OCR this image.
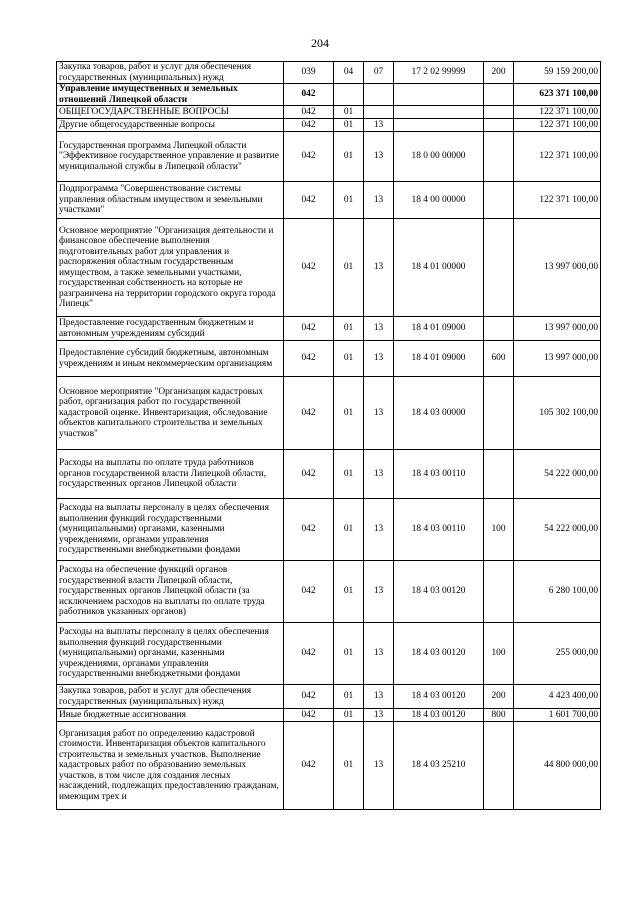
204
Закупка товаров, работ и услуг для обеспечения государственных (муниципальных) нужд	039	04	07	17 2 02 99999	200	59 159 200,00
Управление имущественных и земельных отношений Липецкой области	042					623 371 100,00
ОБЩЕГОСУДАРСТВЕННЫЕ ВОПРОСЫ	042	01				122 371 100,00
Другие общегосударственные вопросы	042	01	13			122 371 100,00
Государственная программа Липецкой области "Эффективное государственное управление и развитие муниципальной службы в Липецкой области"	042	01	13	18 0 00 00000		122 371 100,00
Подпрограмма "Совершенствование системы управления областным имуществом и земельными участками"	042	01	13	18 4 00 00000		122 371 100,00
Основное мероприятие "Организация деятельности и финансовое обеспечение выполнения подготовительных работ для управления и распоряжения областным государственным имуществом, а также земельными участками, государственная собственность на которые не разграничена на территории городского округа города Липецк"	042	01	13	18 4 01 00000		13 997 000,00
Предоставление государственным бюджетным и автономным учреждениям субсидий	042	01	13	18 4 01 09000		13 997 000,00
Предоставление субсидий бюджетным, автономным учреждениям и иным некоммерческим организациям	042	01	13	18 4 01 09000	600	13 997 000,00
Основное мероприятие "Организация кадастровых работ, организация работ по государственной кадастровой оценке. Инвентаризация, обследование объектов капитального строительства и земельных участков"	042	01	13	18 4 03 00000		105 302 100,00
Расходы на выплаты по оплате труда работников органов государственной власти Липецкой области, государственных органов Липецкой области	042	01	13	18 4 03 00110		54 222 000,00
Расходы на выплаты персоналу в целях обеспечения выполнения функций государственными (муниципальными) органами, казенными учреждениями, органами управления государственными внебюджетными фондами	042	01	13	18 4 03 00110	100	54 222 000,00
Расходы на обеспечение функций органов государственной власти Липецкой области, государственных органов Липецкой области (за исключением расходов на выплаты по оплате труда работников указанных органов)	042	01	13	18 4 03 00120		6 280 100,00
Расходы на выплаты персоналу в целях обеспечения выполнения функций государственными (муниципальными) органами, казенными учреждениями, органами управления государственными внебюджетными фондами	042	01	13	18 4 03 00120	100	255 000,00
Закупка товаров, работ и услуг для обеспечения государственных (муниципальных) нужд	042	01	13	18 4 03 00120	200	4 423 400,00
Иные бюджетные ассигнования	042	01	13	18 4 03 00120	800	1 601 700,00
Организация работ по определению кадастровой стоимости. Инвентаризация объектов капитального строительства и земельных участков. Выполнение кадастровых работ по образованию земельных участков, в том числе для создания лесных насаждений, подлежащих предоставлению гражданам, имеющим трех и	042	01	13	18 4 03 25210		44 800 000,00
